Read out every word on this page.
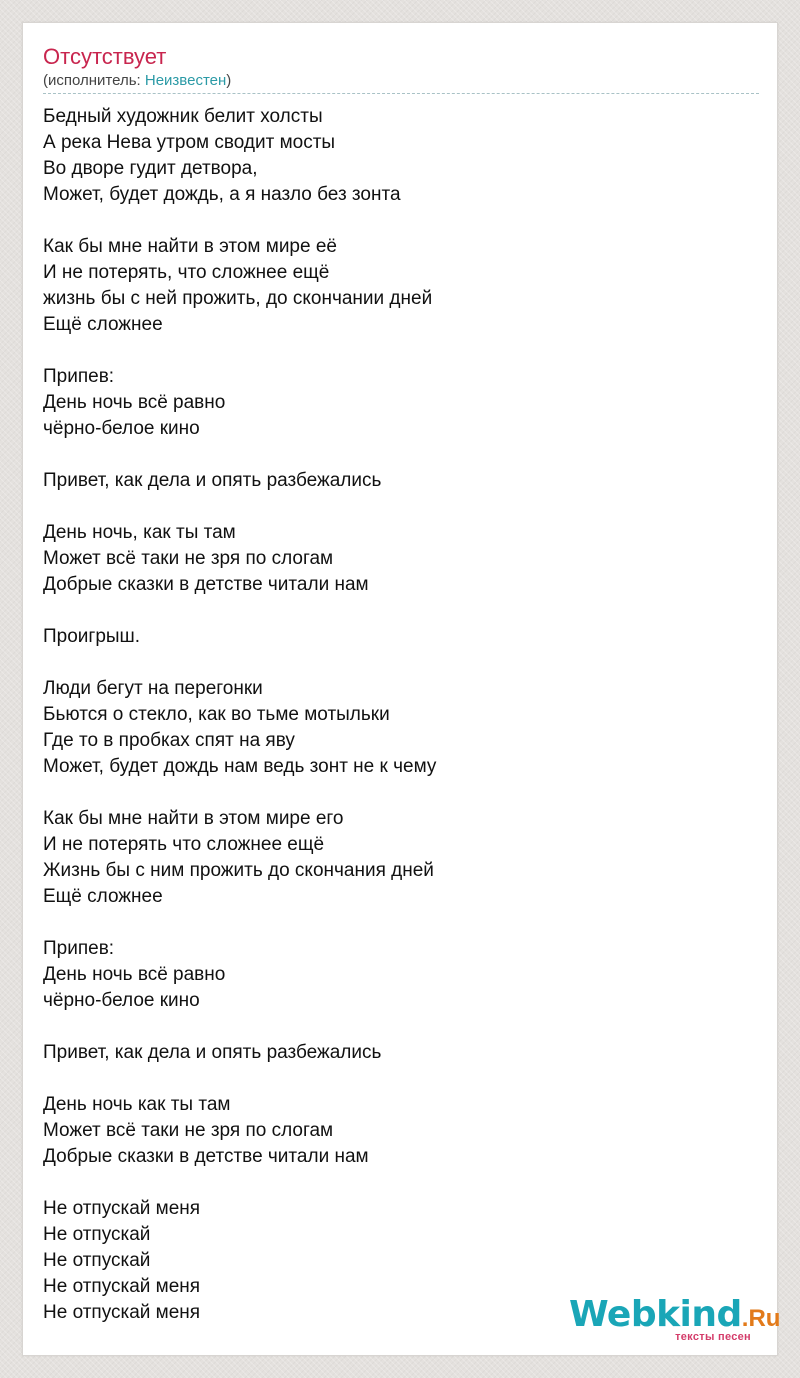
Отсутствует

(исполнитель: Неизвестен)

Бедный художник белит холсты
А река Нева утром сводит мосты
Во дворе гудит детвора,
Может, будет дождь, а я назло без зонта
Как бы мне найти в этом мире её
И не потерять, что сложнее ещё
жизнь бы с ней прожить, до скончании дней
Ещё сложнее
Припев:
День ночь всё равно
чёрно-белое кино
Привет, как дела и опять разбежались
День ночь, как ты там
Может всё таки не зря по слогам
Добрые сказки в детстве читали нам
Проигрыш.
Люди бегут на перегонки
Бьются о стекло, как во тьме мотыльки
Где то в пробках спят на яву
Может, будет дождь нам ведь зонт не к чему
Как бы мне найти в этом мире его
И не потерять что сложнее ещё
Жизнь бы с ним прожить до скончания дней
Ещё сложнее
Припев:
День ночь всё равно
чёрно-белое кино
Привет, как дела и опять разбежались
День ночь как ты там
Может всё таки не зря по слогам
Добрые сказки в детстве читали нам
Не отпускай меня
Не отпускай
Не отпускай
Не отпускай меня
Не отпускай меня	Webkind.Ru
тексты песен
